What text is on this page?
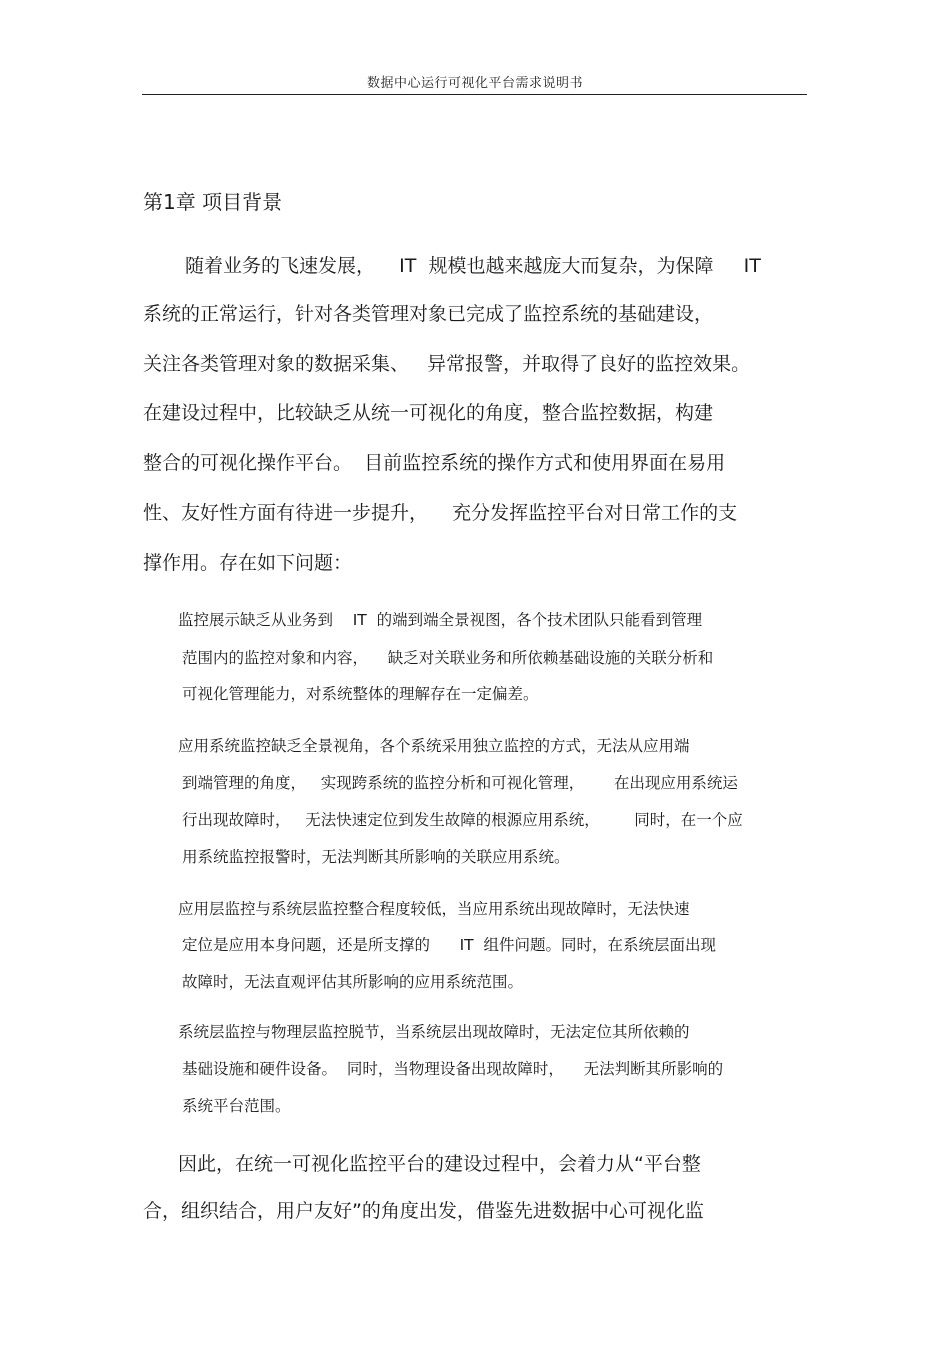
数据中心运行可视化平台需求说明书
第1章 项目背景
随着业务的飞速发展，    IT  规模也越来越庞大而复杂，为保障     IT
系统的正常运行，针对各类管理对象已完成了监控系统的基础建设，
关注各类管理对象的数据采集、   异常报警，并取得了良好的监控效果。
在建设过程中，比较缺乏从统一可视化的角度，整合监控数据，构建
整合的可视化操作平台。  目前监控系统的操作方式和使用界面在易用
性、友好性方面有待进一步提升，    充分发挥监控平台对日常工作的支
撑作用。存在如下问题：
监控展示缺乏从业务到    IT  的端到端全景视图，各个技术团队只能看到管理
范围内的监控对象和内容，    缺乏对关联业务和所依赖基础设施的关联分析和
可视化管理能力，对系统整体的理解存在一定偏差。
应用系统监控缺乏全景视角，各个系统采用独立监控的方式，无法从应用端
到端管理的角度，   实现跨系统的监控分析和可视化管理，      在出现应用系统运
行出现故障时，   无法快速定位到发生故障的根源应用系统，       同时，在一个应
用系统监控报警时，无法判断其所影响的关联应用系统。
应用层监控与系统层监控整合程度较低，当应用系统出现故障时，无法快速
定位是应用本身问题，还是所支撑的      IT  组件问题。同时，在系统层面出现
故障时，无法直观评估其所影响的应用系统范围。
系统层监控与物理层监控脱节，当系统层出现故障时，无法定位其所依赖的
基础设施和硬件设备。  同时，当物理设备出现故障时，    无法判断其所影响的
系统平台范围。
因此，在统一可视化监控平台的建设过程中，会着力从“平台整
合，组织结合，用户友好”的角度出发，借鉴先进数据中心可视化监
